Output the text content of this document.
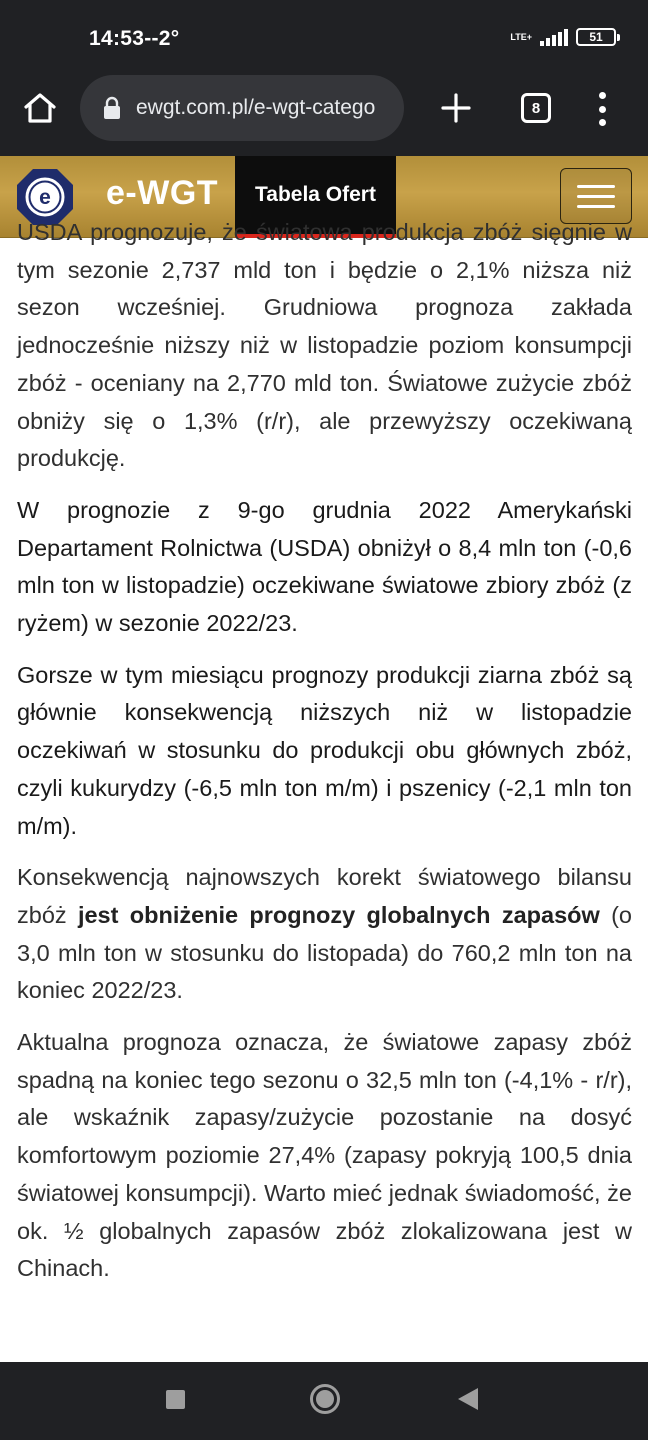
14:53--2°	LTE+	51
ewgt.com.pl/e-wgt-catego	8
e e-WGT Tabela Ofert

USDA prognozuje, że światowa produkcja zbóż sięgnie w tym sezonie 2,737 mld ton i będzie o 2,1% niższa niż sezon wcześniej. Grudniowa prognoza zakłada jednocześnie niższy niż w listopadzie poziom konsumpcji zbóż - oceniany na 2,770 mld ton. Światowe zużycie zbóż obniży się o 1,3% (r/r), ale przewyższy oczekiwaną produkcję.

W prognozie z 9-go grudnia 2022 Amerykański Departament Rolnictwa (USDA) obniżył o 8,4 mln ton (-0,6 mln ton w listopadzie) oczekiwane światowe zbiory zbóż (z ryżem) w sezonie 2022/23.

Gorsze w tym miesiącu prognozy produkcji ziarna zbóż są głównie konsekwencją niższych niż w listopadzie oczekiwań w stosunku do produkcji obu głównych zbóż, czyli kukurydzy (-6,5 mln ton m/m) i pszenicy (-2,1 mln ton m/m).

Konsekwencją najnowszych korekt światowego bilansu zbóż jest obniżenie prognozy globalnych zapasów (o 3,0 mln ton w stosunku do listopada) do 760,2 mln ton na koniec 2022/23.

Aktualna prognoza oznacza, że światowe zapasy zbóż spadną na koniec tego sezonu o 32,5 mln ton (-4,1% - r/r), ale wskaźnik zapasy/zużycie pozostanie na dosyć komfortowym poziomie 27,4% (zapasy pokryją 100,5 dnia światowej konsumpcji). Warto mieć jednak świadomość, że ok. ½ globalnych zapasów zbóż zlokalizowana jest w Chinach.
